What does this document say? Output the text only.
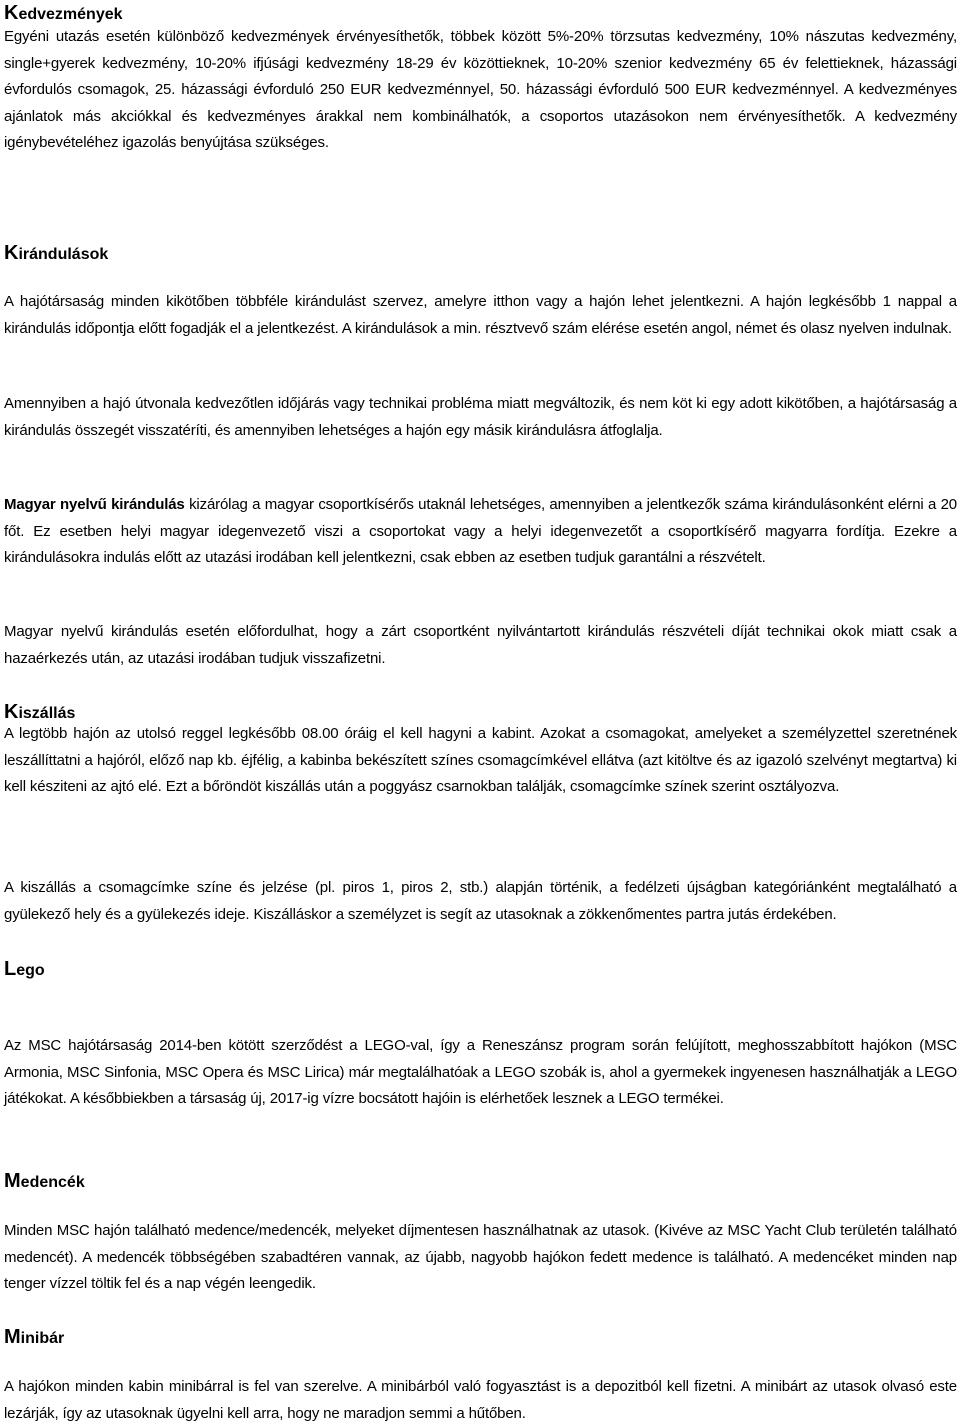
Kedvezmények

Egyéni utazás esetén különböző kedvezmények érvényesíthetők, többek között 5%-20% törzsutas kedvezmény, 10% nászutas kedvezmény, single+gyerek kedvezmény, 10-20% ifjúsági kedvezmény 18-29 év közöttieknek, 10-20% szenior kedvezmény 65 év felettieknek, házassági évfordulós csomagok, 25. házassági évforduló 250 EUR kedvezménnyel, 50. házassági évforduló 500 EUR kedvezménnyel. A kedvezményes ajánlatok más akciókkal és kedvezményes árakkal nem kombinálhatók, a csoportos utazásokon nem érvényesíthetők. A kedvezmény igénybevételéhez igazolás benyújtása szükséges.

Kirándulások

A hajótársaság minden kikötőben többféle kirándulást szervez, amelyre itthon vagy a hajón lehet jelentkezni. A hajón legkésőbb 1 nappal a kirándulás időpontja előtt fogadják el a jelentkezést. A kirándulások a min. résztvevő szám elérése esetén angol, német és olasz nyelven indulnak.

Amennyiben a hajó útvonala kedvezőtlen időjárás vagy technikai probléma miatt megváltozik, és nem köt ki egy adott kikötőben, a hajótársaság a kirándulás összegét visszatéríti, és amennyiben lehetséges a hajón egy másik kirándulásra átfoglalja.

Magyar nyelvű kirándulás kizárólag a magyar csoportkísérős utaknál lehetséges, amennyiben a jelentkezők száma kirándulásonként elérni a 20 főt. Ez esetben helyi magyar idegenvezető viszi a csoportokat vagy a helyi idegenvezetőt a csoportkísérő magyarra fordítja. Ezekre a kirándulásokra indulás előtt az utazási irodában kell jelentkezni, csak ebben az esetben tudjuk garantálni a részvételt.

Magyar nyelvű kirándulás esetén előfordulhat, hogy a zárt csoportként nyilvántartott kirándulás részvételi díját technikai okok miatt csak a hazaérkezés után, az utazási irodában tudjuk visszafizetni.

Kiszállás

A legtöbb hajón az utolsó reggel legkésőbb 08.00 óráig el kell hagyni a kabint. Azokat a csomagokat, amelyeket a személyzettel szeretnének leszállíttatni a hajóról, előző nap kb. éjfélig, a kabinba bekészített színes csomagcímkével ellátva (azt kitöltve és az igazoló szelvényt megtartva) ki kell késziteni az ajtó elé. Ezt a bőröndöt kiszállás után a poggyász csarnokban találják, csomagcímke színek szerint osztályozva.

A kiszállás a csomagcímke színe és jelzése (pl. piros 1, piros 2, stb.) alapján történik, a fedélzeti újságban kategóriánként megtalálható a gyülekező hely és a gyülekezés ideje. Kiszálláskor a személyzet is segít az utasoknak a zökkenőmentes partra jutás érdekében.

Lego

Az MSC hajótársaság 2014-ben kötött szerződést a LEGO-val, így a Reneszánsz program során felújított, meghosszabbított hajókon (MSC Armonia, MSC Sinfonia, MSC Opera és MSC Lirica) már megtalálhatóak a LEGO szobák is, ahol a gyermekek ingyenesen használhatják a LEGO játékokat. A későbbiekben a társaság új, 2017-ig vízre bocsátott hajóin is elérhetőek lesznek a LEGO termékei.

Medencék

Minden MSC hajón található medence/medencék, melyeket díjmentesen használhatnak az utasok. (Kivéve az MSC Yacht Club területén található medencét). A medencék többségében szabadtéren vannak, az újabb, nagyobb hajókon fedett medence is található. A medencéket minden nap tenger vízzel töltik fel és a nap végén leengedik.

Minibár

A hajókon minden kabin minibárral is fel van szerelve. A minibárból való fogyasztást is a depozitból kell fizetni. A minibárt az utasok olvasó este lezárják, így az utasoknak ügyelni kell arra, hogy ne maradjon semmi a hűtőben.
